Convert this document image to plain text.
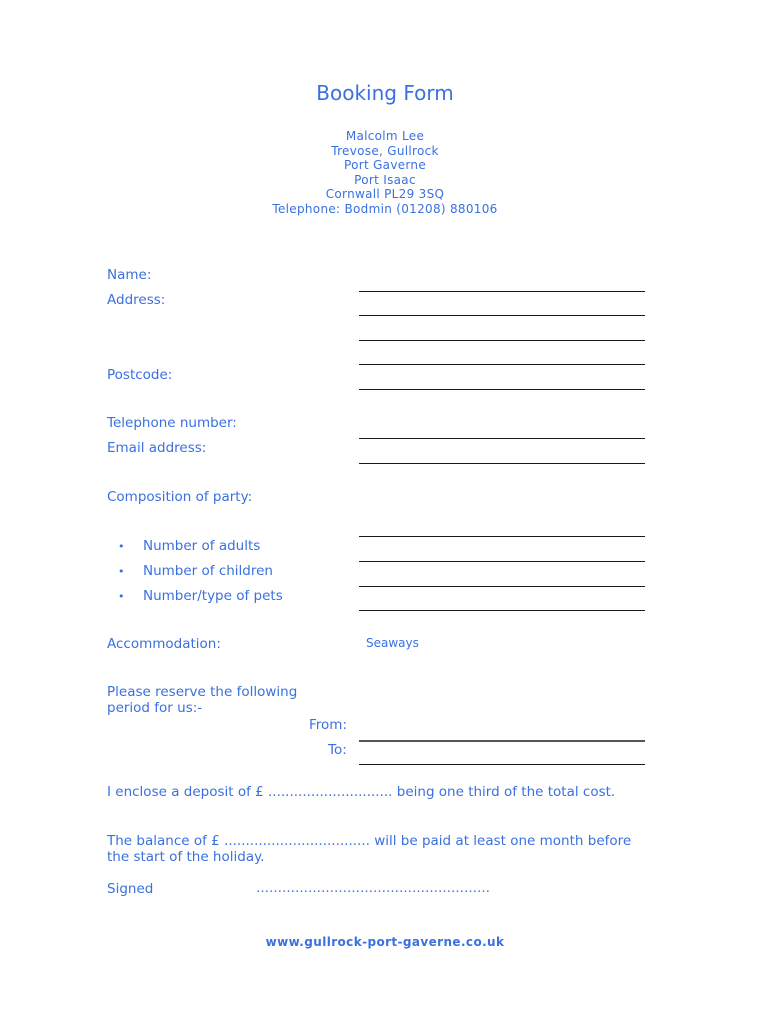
Booking Form
Malcolm Lee
Trevose, Gullrock
Port Gaverne
Port Isaac
Cornwall PL29 3SQ
Telephone: Bodmin (01208) 880106
Name:
Address:
Postcode:
Telephone number:
Email address:
Composition of party:
• Number of adults
• Number of children
• Number/type of pets
Accommodation:	Seaways
Please reserve the following period for us:-
From:
To:
I enclose a deposit of £ ............................. being one third of the total cost.
The balance of £ .................................. will be paid at least one month before the start of the holiday.
Signed	………………………………………………
www.gullrock-port-gaverne.co.uk
